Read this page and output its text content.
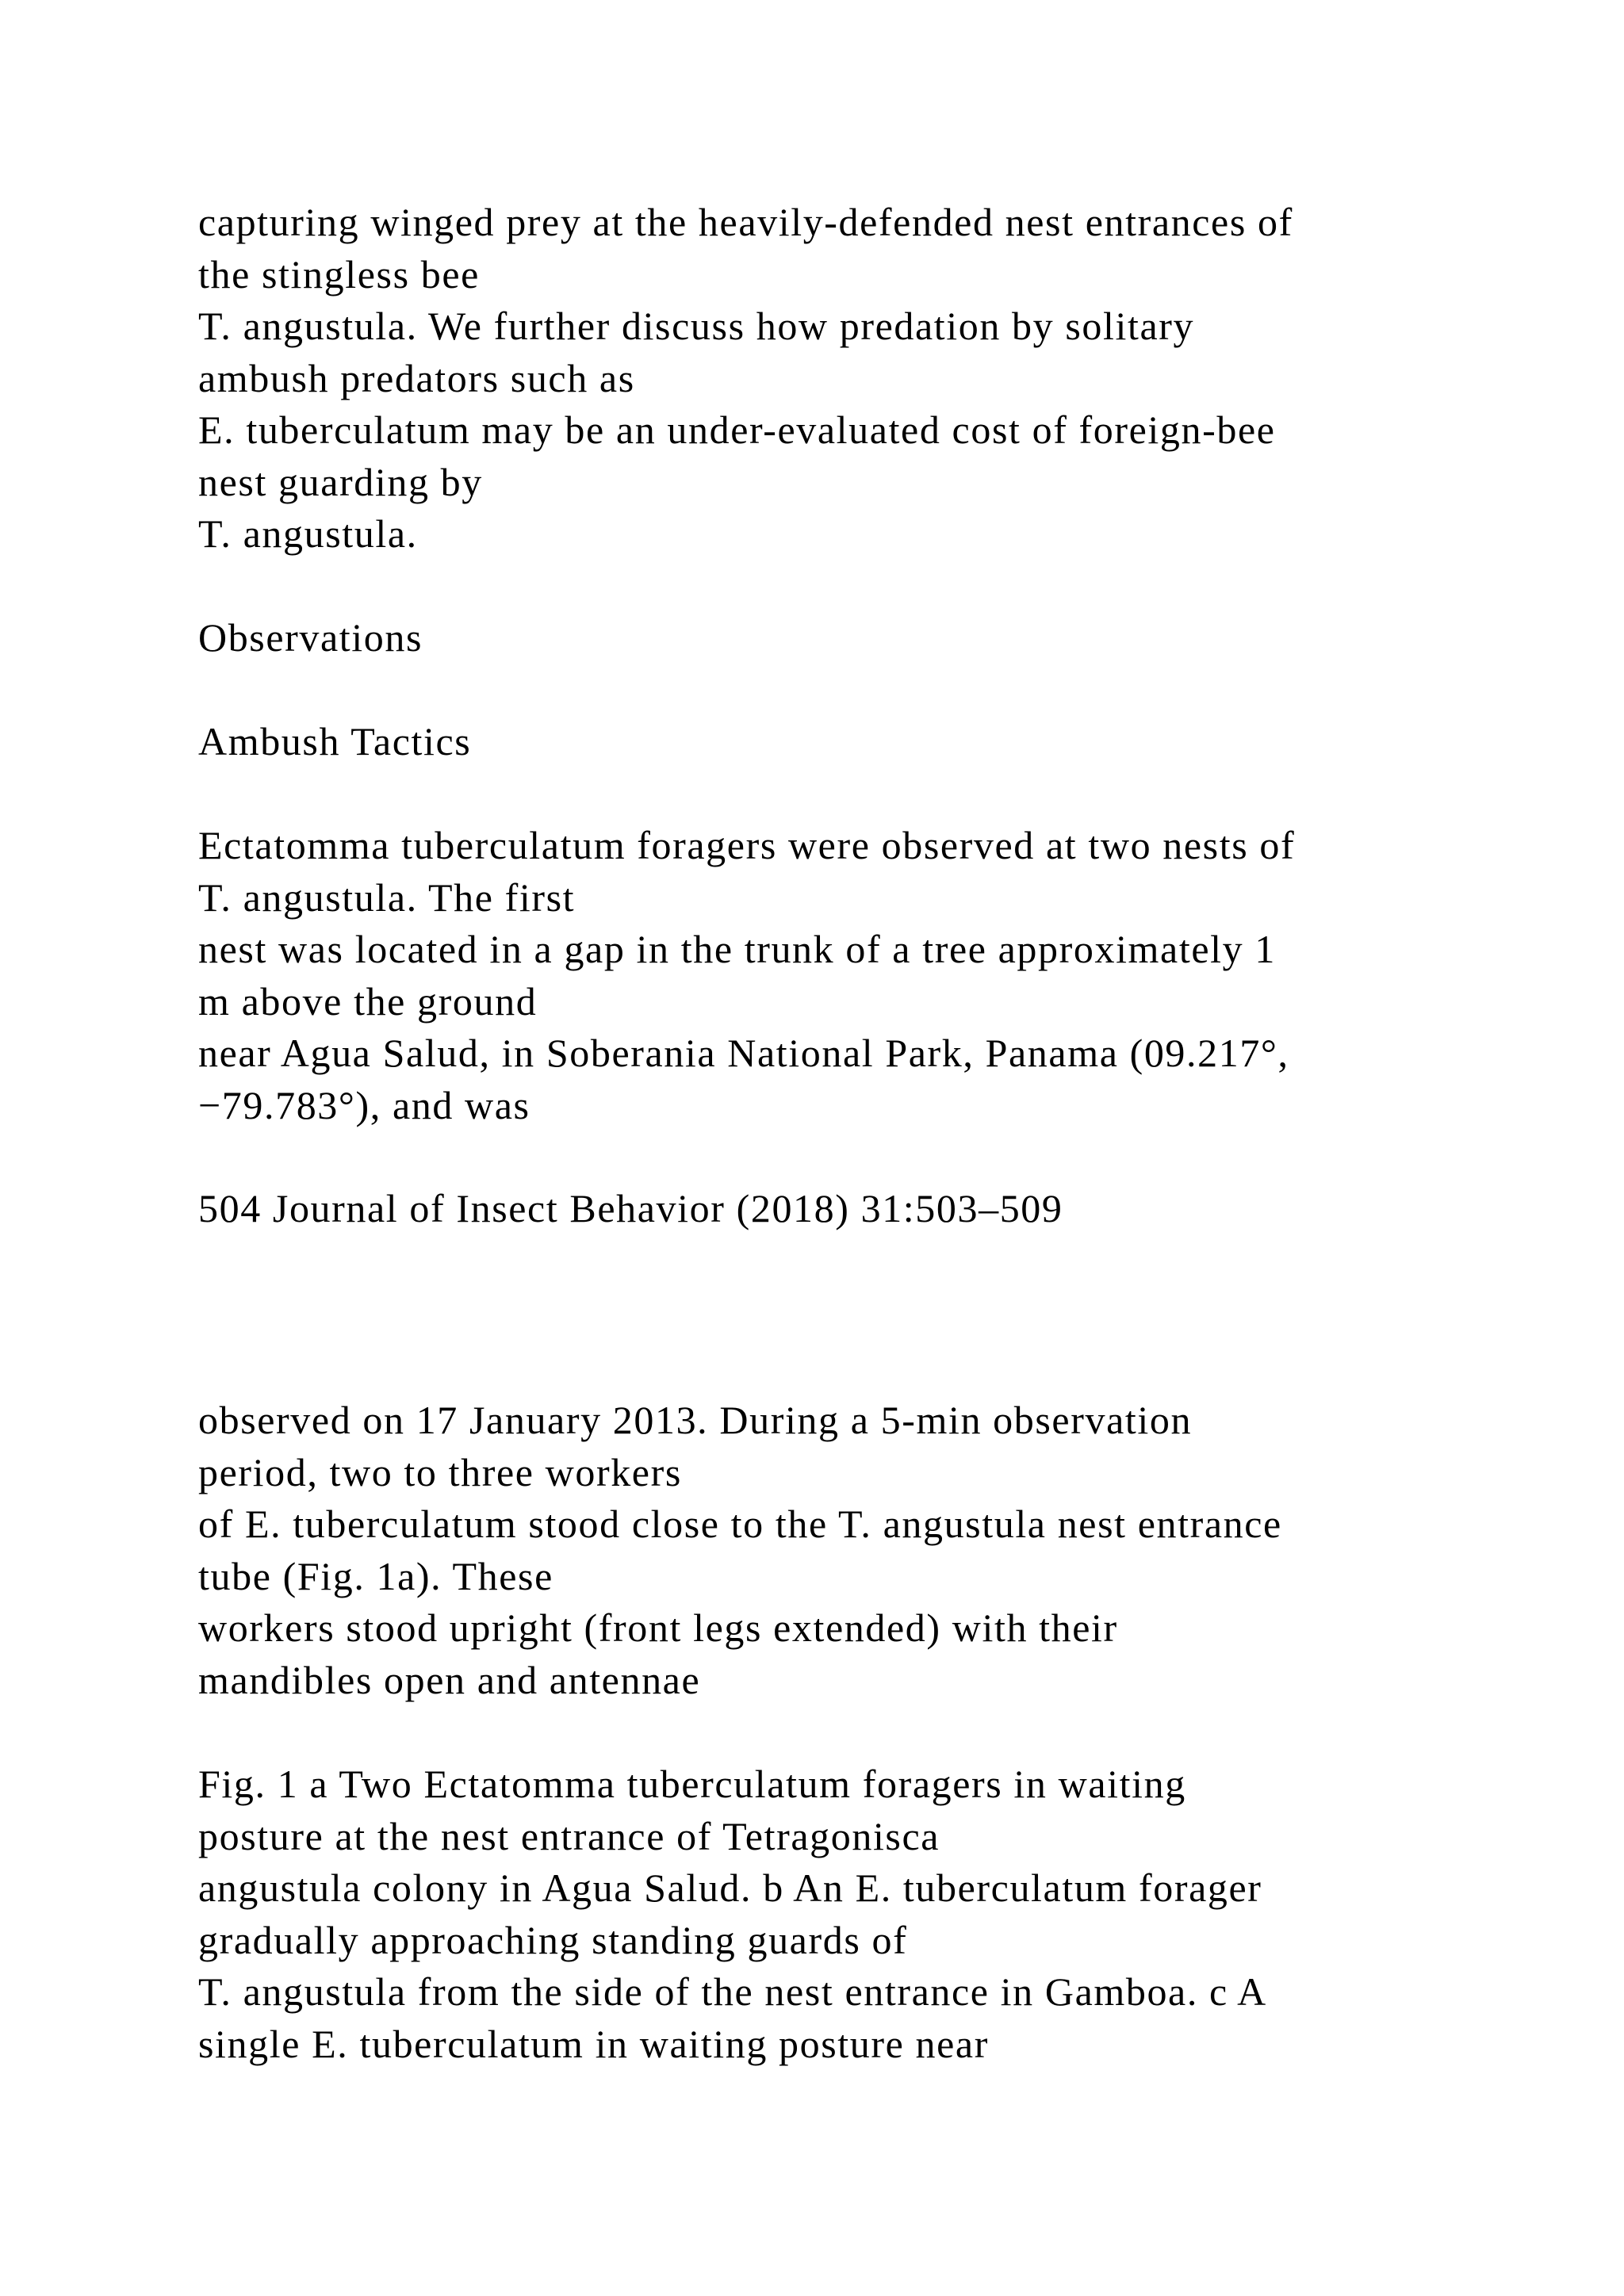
capturing winged prey at the heavily-defended nest entrances of
the stingless bee
T. angustula. We further discuss how predation by solitary
ambush predators such as
E. tuberculatum may be an under-evaluated cost of foreign-bee
nest guarding by
T. angustula.
Observations
Ambush Tactics
Ectatomma tuberculatum foragers were observed at two nests of
T. angustula. The first
nest was located in a gap in the trunk of a tree approximately 1
m above the ground
near Agua Salud, in Soberania National Park, Panama (09.217°,
−79.783°), and was
504 Journal of Insect Behavior (2018) 31:503–509
observed on 17 January 2013. During a 5-min observation
period, two to three workers
of E. tuberculatum stood close to the T. angustula nest entrance
tube (Fig. 1a). These
workers stood upright (front legs extended) with their
mandibles open and antennae
Fig. 1 a Two Ectatomma tuberculatum foragers in waiting
posture at the nest entrance of Tetragonisca
angustula colony in Agua Salud. b An E. tuberculatum forager
gradually approaching standing guards of
T. angustula from the side of the nest entrance in Gamboa. c A
single E. tuberculatum in waiting posture near
